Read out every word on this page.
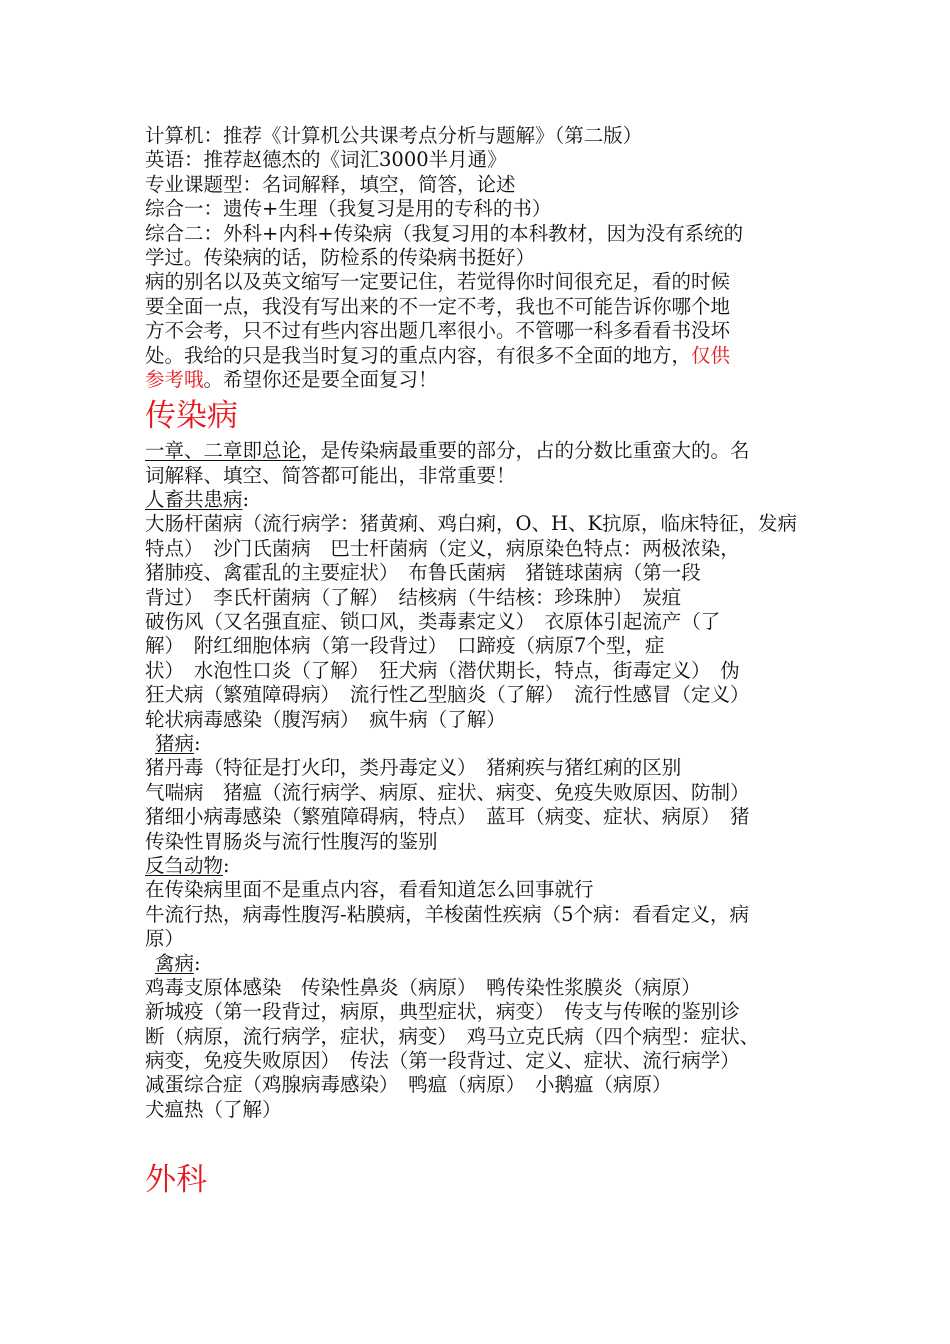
计算机：推荐《计算机公共课考点分析与题解》（第二版）
英语：推荐赵德杰的《词汇3000半月通》
专业课题型：名词解释，填空，简答，论述
综合一：遗传+生理（我复习是用的专科的书）
综合二：外科+内科+传染病（我复习用的本科教材，因为没有系统的
学过。传染病的话，防检系的传染病书挺好）
病的别名以及英文缩写一定要记住，若觉得你时间很充足，看的时候
要全面一点，我没有写出来的不一定不考，我也不可能告诉你哪个地
方不会考，只不过有些内容出题几率很小。不管哪一科多看看书没坏
处。我给的只是我当时复习的重点内容，有很多不全面的地方，仅供
参考哦。希望你还是要全面复习！
传染病
一章、二章即总论，是传染病最重要的部分，占的分数比重蛮大的。名
词解释、填空、简答都可能出，非常重要！
人畜共患病:
大肠杆菌病（流行病学：猪黄痢、鸡白痢，O、H、K抗原，临床特征，发病
特点）　沙门氏菌病　巴士杆菌病（定义，病原染色特点：两极浓染，
猪肺疫、禽霍乱的主要症状）　布鲁氏菌病　猪链球菌病（第一段
背过）　李氏杆菌病（了解）　结核病（牛结核：珍珠肿）　炭疽
破伤风（又名强直症、锁口风，类毒素定义）　衣原体引起流产（了
解）　附红细胞体病（第一段背过）　口蹄疫（病原7个型，症
状）　水泡性口炎（了解）　狂犬病（潜伏期长，特点，街毒定义）　伪
狂犬病（繁殖障碍病）　流行性乙型脑炎（了解）　流行性感冒（定义）
轮状病毒感染（腹泻病）　疯牛病（了解）
猪病:
猪丹毒（特征是打火印，类丹毒定义）　猪痢疾与猪红痢的区别
气喘病　猪瘟（流行病学、病原、症状、病变、免疫失败原因、防制）
猪细小病毒感染（繁殖障碍病，特点）　蓝耳（病变、症状、病原）　猪
传染性胃肠炎与流行性腹泻的鉴别
反刍动物:
在传染病里面不是重点内容，看看知道怎么回事就行
牛流行热，病毒性腹泻-粘膜病，羊梭菌性疾病（5个病：看看定义，病
原）
禽病:
鸡毒支原体感染　传染性鼻炎（病原）　鸭传染性浆膜炎（病原）
新城疫（第一段背过，病原，典型症状，病变）　传支与传喉的鉴别诊
断（病原，流行病学，症状，病变）　鸡马立克氏病（四个病型：症状、
病变，免疫失败原因）　传法（第一段背过、定义、症状、流行病学）
减蛋综合症（鸡腺病毒感染）　鸭瘟（病原）　小鹅瘟（病原）
犬瘟热（了解）
外科
